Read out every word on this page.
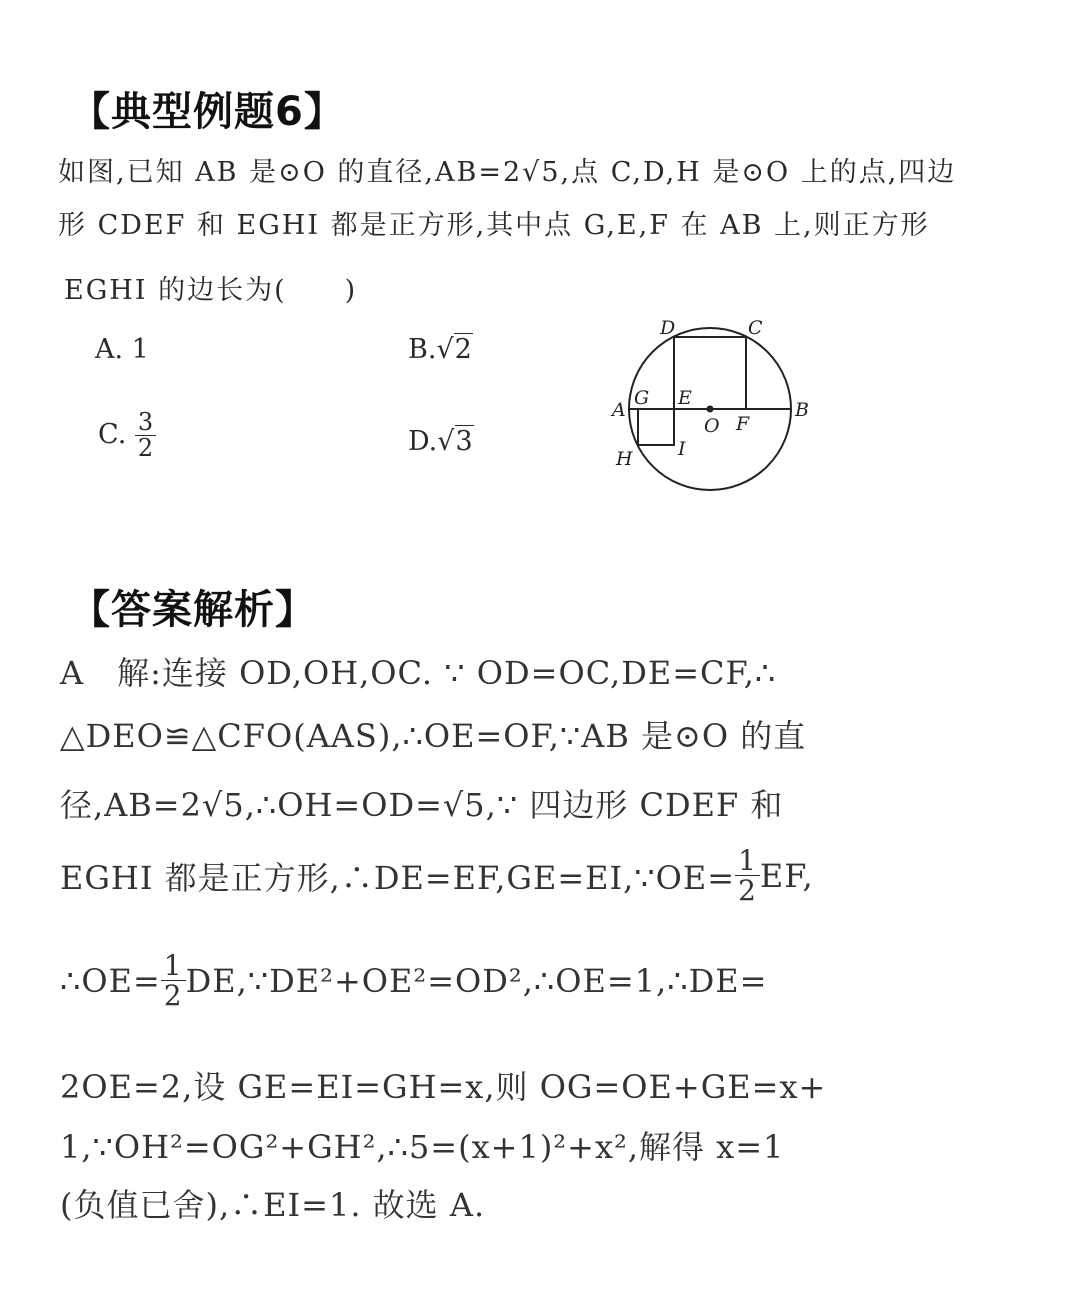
【典型例题6】
如图,已知 AB 是⊙O 的直径,AB=2√5,点 C,D,H 是⊙O 上的点,四边
形 CDEF 和 EGHI 都是正方形,其中点 G,E,F 在 AB 上,则正方形
EGHI 的边长为(　　)
A. 1	B.√2
C. $\frac{3}{2}$	D.√3
D	C
A	B
G E
O F
H I
【答案解析】
A　解:连接 OD,OH,OC. ∵ OD=OC,DE=CF,∴
△DEO≌△CFO(AAS),∴OE=OF,∵AB 是⊙O 的直
径,AB=2√5,∴OH=OD=√5,∵ 四边形 CDEF 和
EGHI 都是正方形,∴DE=EF,GE=EI,∵OE= $\frac{1}{2}$ EF,
∴OE= $\frac{1}{2}$ DE,∵DE²+OE²=OD²,∴OE=1,∴DE=
2OE=2,设 GE=EI=GH=x,则 OG=OE+GE=x+
1,∵OH²=OG²+GH²,∴5=(x+1)²+x²,解得 x=1
(负值已舍),∴EI=1. 故选 A.
